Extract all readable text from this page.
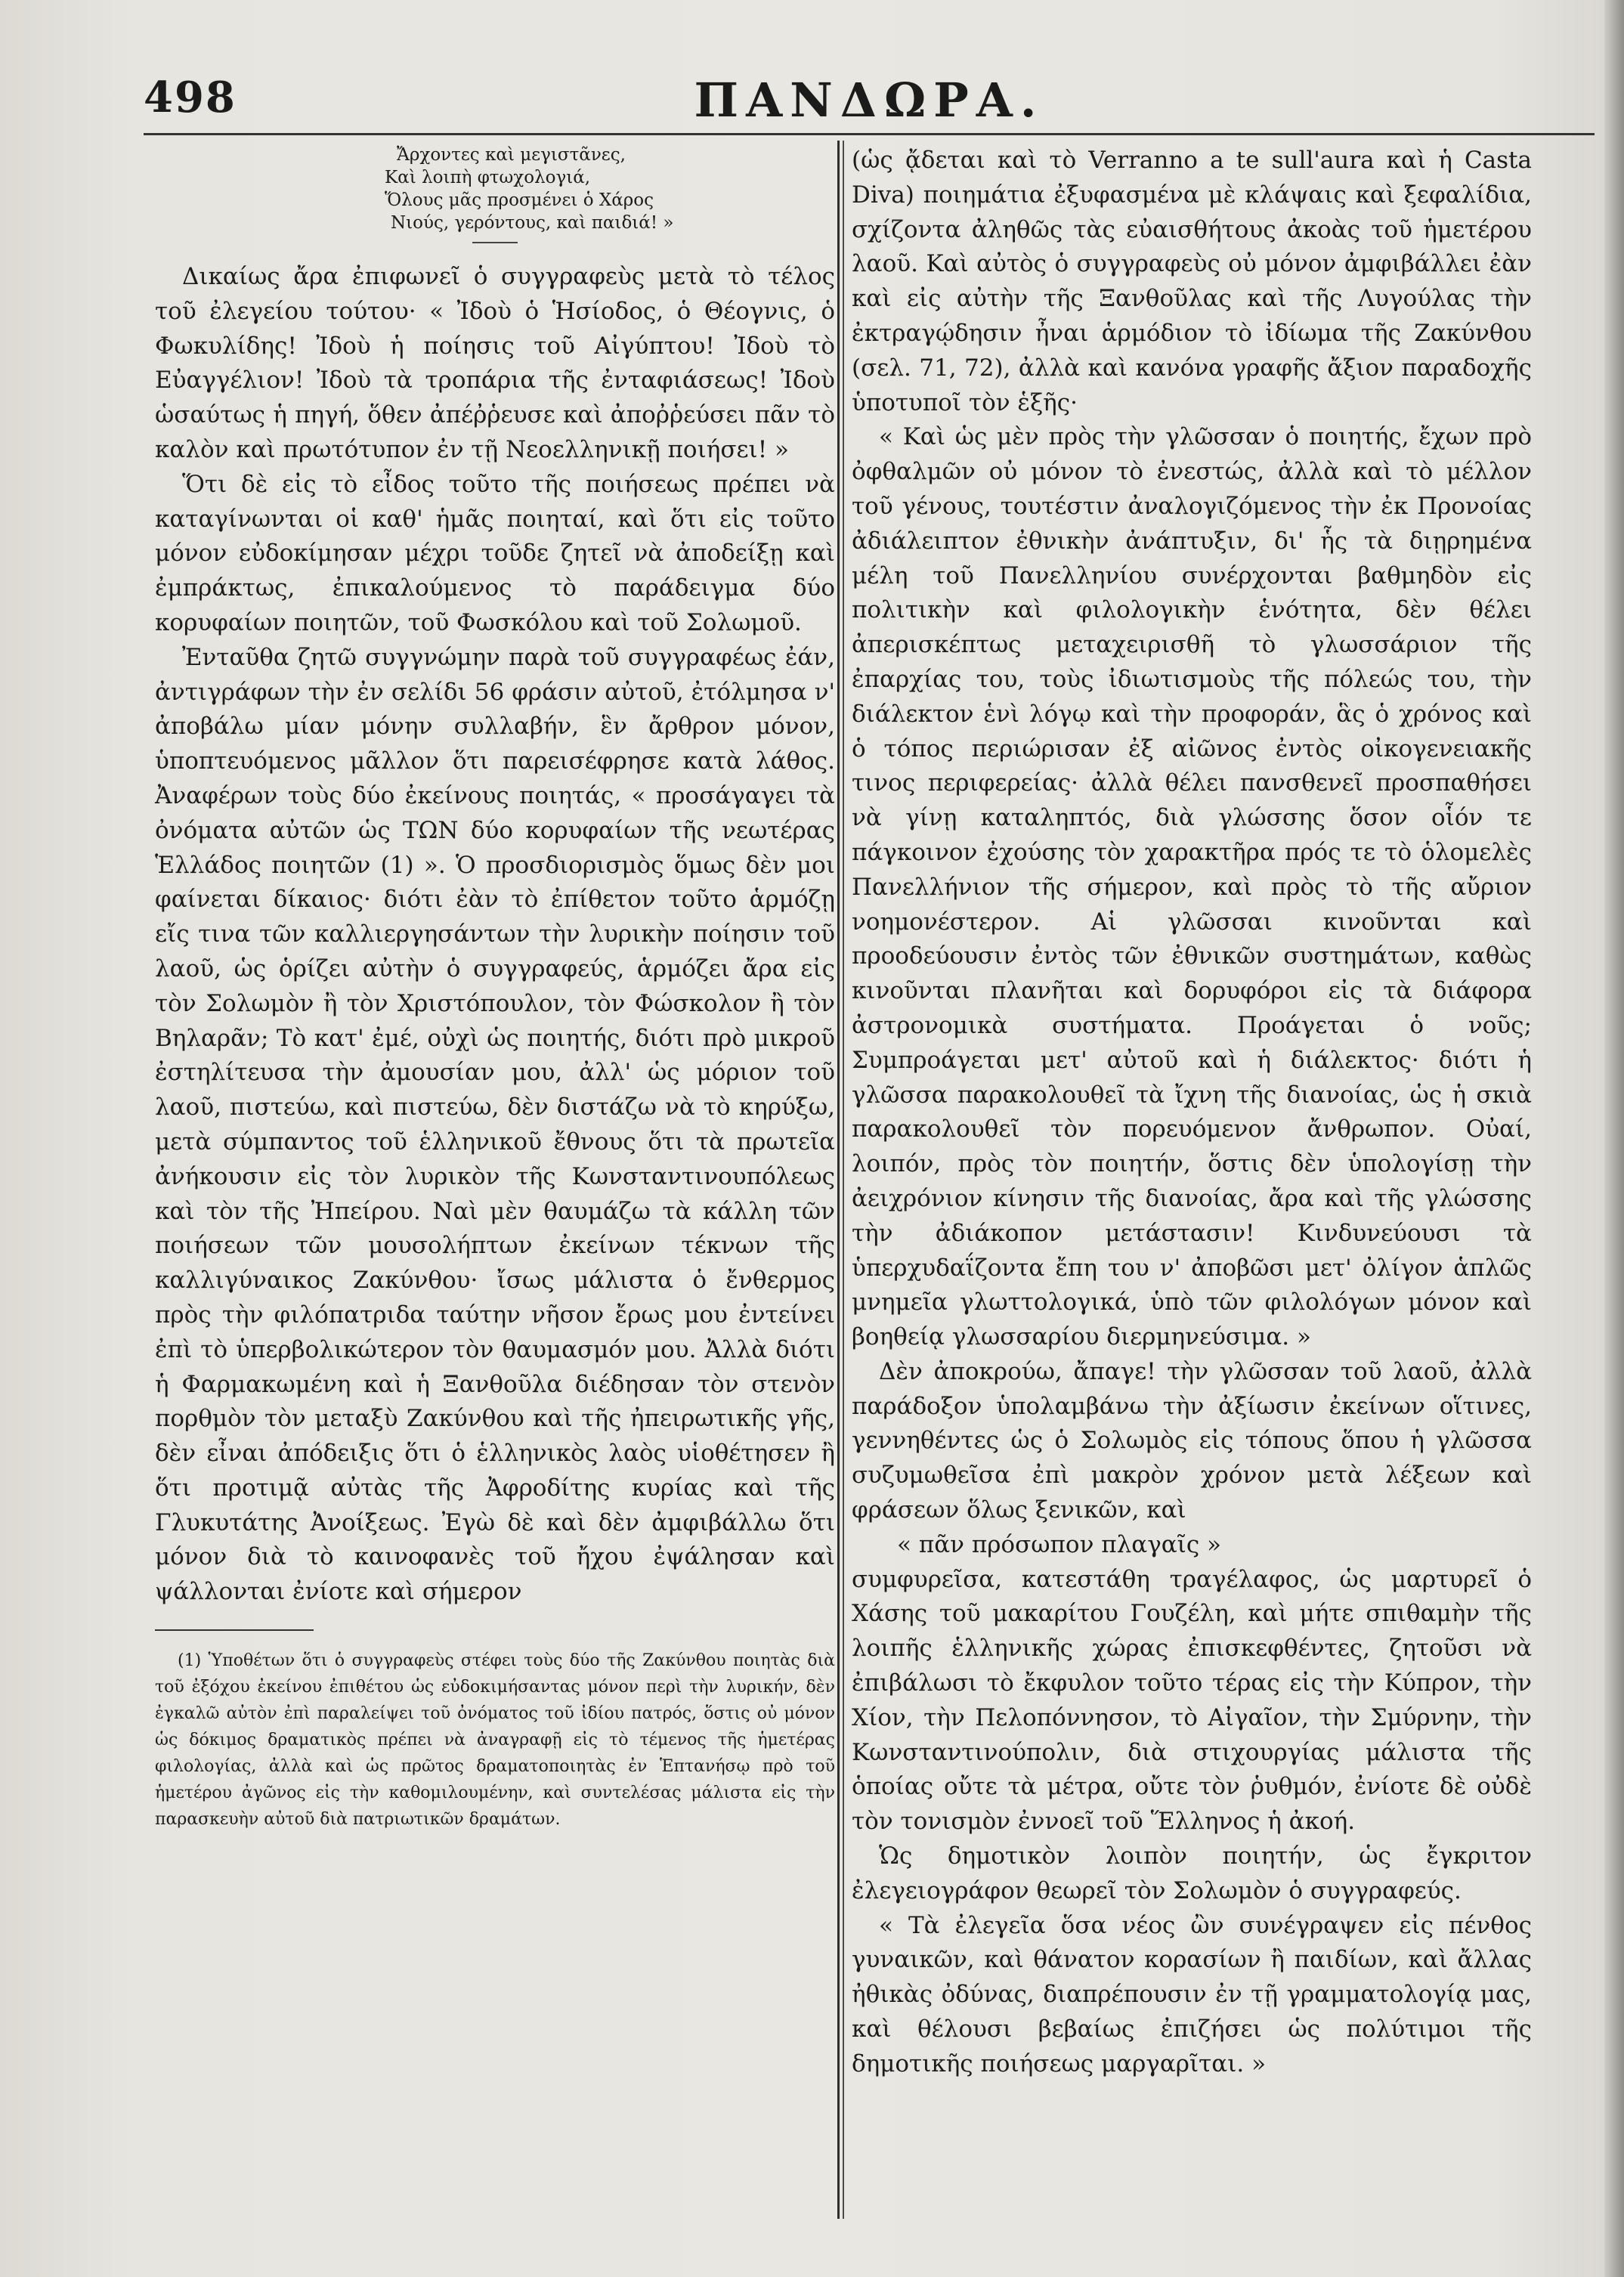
498	ΠΑΝΔΩΡΑ.
Ἄρχοντες καὶ μεγιστᾶνες,
Καὶ λοιπὴ φτωχολογιά,
Ὅλους μᾶς προσμένει ὁ Χάρος
Νιούς, γερόντους, καὶ παιδιά! »

Δικαίως ἄρα ἐπιφωνεῖ ὁ συγγραφεὺς μετὰ τὸ τέλος τοῦ ἐλεγείου τούτου· « Ἰδοὺ ὁ Ἡσίοδος, ὁ Θέογνις, ὁ Φωκυλίδης! Ἰδοὺ ἡ ποίησις τοῦ Αἰγύπτου! Ἰδοὺ τὸ Εὐαγγέλιον! Ἰδοὺ τὰ τροπάρια τῆς ἐνταφιάσεως! Ἰδοὺ ὡσαύτως ἡ πηγή, ὅθεν ἀπέῤῥευσε καὶ ἀποῤῥεύσει πᾶν τὸ καλὸν καὶ πρωτότυπον ἐν τῇ Νεοελληνικῇ ποιήσει! »

Ὅτι δὲ εἰς τὸ εἶδος τοῦτο τῆς ποιήσεως πρέπει νὰ καταγίνωνται οἱ καθ' ἡμᾶς ποιηταί, καὶ ὅτι εἰς τοῦτο μόνον εὐδοκίμησαν μέχρι τοῦδε ζητεῖ νὰ ἀποδείξῃ καὶ ἐμπράκτως, ἐπικαλούμενος τὸ παράδειγμα δύο κορυφαίων ποιητῶν, τοῦ Φωσκόλου καὶ τοῦ Σολωμοῦ.

Ἐνταῦθα ζητῶ συγγνώμην παρὰ τοῦ συγγραφέως ἐάν, ἀντιγράφων τὴν ἐν σελίδι 56 φράσιν αὐτοῦ, ἐτόλμησα ν' ἀποβάλω μίαν μόνην συλλαβήν, ἓν ἄρθρον μόνον, ὑποπτευόμενος μᾶλλον ὅτι παρεισέφρησε κατὰ λάθος. Ἀναφέρων τοὺς δύο ἐκείνους ποιητάς, « προσάγαγει τὰ ὀνόματα αὐτῶν ὡς ΤΩΝ δύο κορυφαίων τῆς νεωτέρας Ἑλλάδος ποιητῶν (1) ». Ὁ προσδιορισμὸς ὅμως δὲν μοι φαίνεται δίκαιος· διότι ἐὰν τὸ ἐπίθετον τοῦτο ἁρμόζῃ εἴς τινα τῶν καλλιεργησάντων τὴν λυρικὴν ποίησιν τοῦ λαοῦ, ὡς ὁρίζει αὐτὴν ὁ συγγραφεύς, ἁρμόζει ἄρα εἰς τὸν Σολωμὸν ἢ τὸν Χριστόπουλον, τὸν Φώσκολον ἢ τὸν Βηλαρᾶν; Τὸ κατ' ἐμέ, οὐχὶ ὡς ποιητής, διότι πρὸ μικροῦ ἐστηλίτευσα τὴν ἀμουσίαν μου, ἀλλ' ὡς μόριον τοῦ λαοῦ, πιστεύω, καὶ πιστεύω, δὲν διστάζω νὰ τὸ κηρύξω, μετὰ σύμπαντος τοῦ ἑλληνικοῦ ἔθνους ὅτι τὰ πρωτεῖα ἀνήκουσιν εἰς τὸν λυρικὸν τῆς Κωνσταντινουπόλεως καὶ τὸν τῆς Ἠπείρου. Ναὶ μὲν θαυμάζω τὰ κάλλη τῶν ποιήσεων τῶν μουσολήπτων ἐκείνων τέκνων τῆς καλλιγύναικος Ζακύνθου· ἴσως μάλιστα ὁ ἔνθερμος πρὸς τὴν φιλόπατριδα ταύτην νῆσον ἔρως μου ἐντείνει ἐπὶ τὸ ὑπερβολικώτερον τὸν θαυμασμόν μου. Ἀλλὰ διότι ἡ Φαρμακωμένη καὶ ἡ Ξανθοῦλα διέδησαν τὸν στενὸν πορθμὸν τὸν μεταξὺ Ζακύνθου καὶ τῆς ἠπειρωτικῆς γῆς, δὲν εἶναι ἀπόδειξις ὅτι ὁ ἑλληνικὸς λαὸς υἱοθέτησεν ἢ ὅτι προτιμᾷ αὐτὰς τῆς Ἀφροδίτης κυρίας καὶ τῆς Γλυκυτάτης Ἀνοίξεως. Ἐγὼ δὲ καὶ δὲν ἀμφιβάλλω ὅτι μόνον διὰ τὸ καινοφανὲς τοῦ ἤχου ἐψάλησαν καὶ ψάλλονται ἐνίοτε καὶ σήμερον

(1) Ὑποθέτων ὅτι ὁ συγγραφεὺς στέφει τοὺς δύο τῆς Ζακύνθου ποιητὰς διὰ τοῦ ἐξόχου ἐκείνου ἐπιθέτου ὡς εὐδοκιμήσαντας μόνον περὶ τὴν λυρικήν, δὲν ἐγκαλῶ αὐτὸν ἐπὶ παραλείψει τοῦ ὀνόματος τοῦ ἰδίου πατρός, ὅστις οὐ μόνον ὡς δόκιμος δραματικὸς πρέπει νὰ ἀναγραφῇ εἰς τὸ τέμενος τῆς ἡμετέρας φιλολογίας, ἀλλὰ καὶ ὡς πρῶτος δραματοποιητὰς ἐν Ἑπτανήσῳ πρὸ τοῦ ἡμετέρου ἀγῶνος εἰς τὴν καθομιλουμένην, καὶ συντελέσας μάλιστα εἰς τὴν παρασκευὴν αὐτοῦ διὰ πατριωτικῶν δραμάτων.

(ὡς ᾄδεται καὶ τὸ Verranno a te sull'aura καὶ ἡ Casta Diva) ποιημάτια ἐξυφασμένα μὲ κλάψαις καὶ ξεφαλίδια, σχίζοντα ἀληθῶς τὰς εὐαισθήτους ἀκοὰς τοῦ ἡμετέρου λαοῦ. Καὶ αὐτὸς ὁ συγγραφεὺς οὐ μόνον ἀμφιβάλλει ἐὰν καὶ εἰς αὐτὴν τῆς Ξανθοῦλας καὶ τῆς Λυγούλας τὴν ἐκτραγῴδησιν ἦναι ἁρμόδιον τὸ ἰδίωμα τῆς Ζακύνθου (σελ. 71, 72), ἀλλὰ καὶ κανόνα γραφῆς ἄξιον παραδοχῆς ὑποτυποῖ τὸν ἑξῆς·

« Καὶ ὡς μὲν πρὸς τὴν γλῶσσαν ὁ ποιητής, ἔχων πρὸ ὀφθαλμῶν οὐ μόνον τὸ ἐνεστώς, ἀλλὰ καὶ τὸ μέλλον τοῦ γένους, τουτέστιν ἀναλογιζόμενος τὴν ἐκ Προνοίας ἀδιάλειπτον ἐθνικὴν ἀνάπτυξιν, δι' ἧς τὰ διῃρημένα μέλη τοῦ Πανελληνίου συνέρχονται βαθμηδὸν εἰς πολιτικὴν καὶ φιλολογικὴν ἑνότητα, δὲν θέλει ἀπερισκέπτως μεταχειρισθῆ τὸ γλωσσάριον τῆς ἐπαρχίας του, τοὺς ἰδιωτισμοὺς τῆς πόλεώς του, τὴν διάλεκτον ἑνὶ λόγῳ καὶ τὴν προφοράν, ἃς ὁ χρόνος καὶ ὁ τόπος περιώρισαν ἐξ αἰῶνος ἐντὸς οἰκογενειακῆς τινος περιφερείας· ἀλλὰ θέλει πανσθενεῖ προσπαθήσει νὰ γίνῃ καταληπτός, διὰ γλώσσης ὅσον οἷόν τε πάγκοινον ἐχούσης τὸν χαρακτῆρα πρός τε τὸ ὁλομελὲς Πανελλήνιον τῆς σήμερον, καὶ πρὸς τὸ τῆς αὔριον νοημονέστερον. Αἱ γλῶσσαι κινοῦνται καὶ προοδεύουσιν ἐντὸς τῶν ἐθνικῶν συστημάτων, καθὼς κινοῦνται πλανῆται καὶ δορυφόροι εἰς τὰ διάφορα ἀστρονομικὰ συστήματα. Προάγεται ὁ νοῦς; Συμπροάγεται μετ' αὐτοῦ καὶ ἡ διάλεκτος· διότι ἡ γλῶσσα παρακολουθεῖ τὰ ἴχνη τῆς διανοίας, ὡς ἡ σκιὰ παρακολουθεῖ τὸν πορευόμενον ἄνθρωπον. Οὐαί, λοιπόν, πρὸς τὸν ποιητήν, ὅστις δὲν ὑπολογίσῃ τὴν ἀειχρόνιον κίνησιν τῆς διανοίας, ἄρα καὶ τῆς γλώσσης τὴν ἀδιάκοπον μετάστασιν! Κινδυνεύουσι τὰ ὑπερχυδαΐζοντα ἔπη του ν' ἀποβῶσι μετ' ὀλίγον ἁπλῶς μνημεῖα γλωττολογικά, ὑπὸ τῶν φιλολόγων μόνον καὶ βοηθείᾳ γλωσσαρίου διερμηνεύσιμα. »

Δὲν ἀποκρούω, ἄπαγε! τὴν γλῶσσαν τοῦ λαοῦ, ἀλλὰ παράδοξον ὑπολαμβάνω τὴν ἀξίωσιν ἐκείνων οἵτινες, γεννηθέντες ὡς ὁ Σολωμὸς εἰς τόπους ὅπου ἡ γλῶσσα συζυμωθεῖσα ἐπὶ μακρὸν χρόνον μετὰ λέξεων καὶ φράσεων ὅλως ξενικῶν, καὶ

« πᾶν πρόσωπον πλαγαῖς »

συμφυρεῖσα, κατεστάθη τραγέλαφος, ὡς μαρτυρεῖ ὁ Χάσης τοῦ μακαρίτου Γουζέλη, καὶ μήτε σπιθαμὴν τῆς λοιπῆς ἑλληνικῆς χώρας ἐπισκεφθέντες, ζητοῦσι νὰ ἐπιβάλωσι τὸ ἔκφυλον τοῦτο τέρας εἰς τὴν Κύπρον, τὴν Χίον, τὴν Πελοπόννησον, τὸ Αἰγαῖον, τὴν Σμύρνην, τὴν Κωνσταντινούπολιν, διὰ στιχουργίας μάλιστα τῆς ὁποίας οὔτε τὰ μέτρα, οὔτε τὸν ῥυθμόν, ἐνίοτε δὲ οὐδὲ τὸν τονισμὸν ἐννοεῖ τοῦ Ἕλληνος ἡ ἀκοή.

Ὡς δημοτικὸν λοιπὸν ποιητήν, ὡς ἔγκριτον ἐλεγειογράφον θεωρεῖ τὸν Σολωμὸν ὁ συγγραφεύς.

« Τὰ ἐλεγεῖα ὅσα νέος ὢν συνέγραψεν εἰς πένθος γυναικῶν, καὶ θάνατον κορασίων ἢ παιδίων, καὶ ἄλλας ἠθικὰς ὀδύνας, διαπρέπουσιν ἐν τῇ γραμματολογίᾳ μας, καὶ θέλουσι βεβαίως ἐπιζήσει ὡς πολύτιμοι τῆς δημοτικῆς ποιήσεως μαργαρῖται. »
